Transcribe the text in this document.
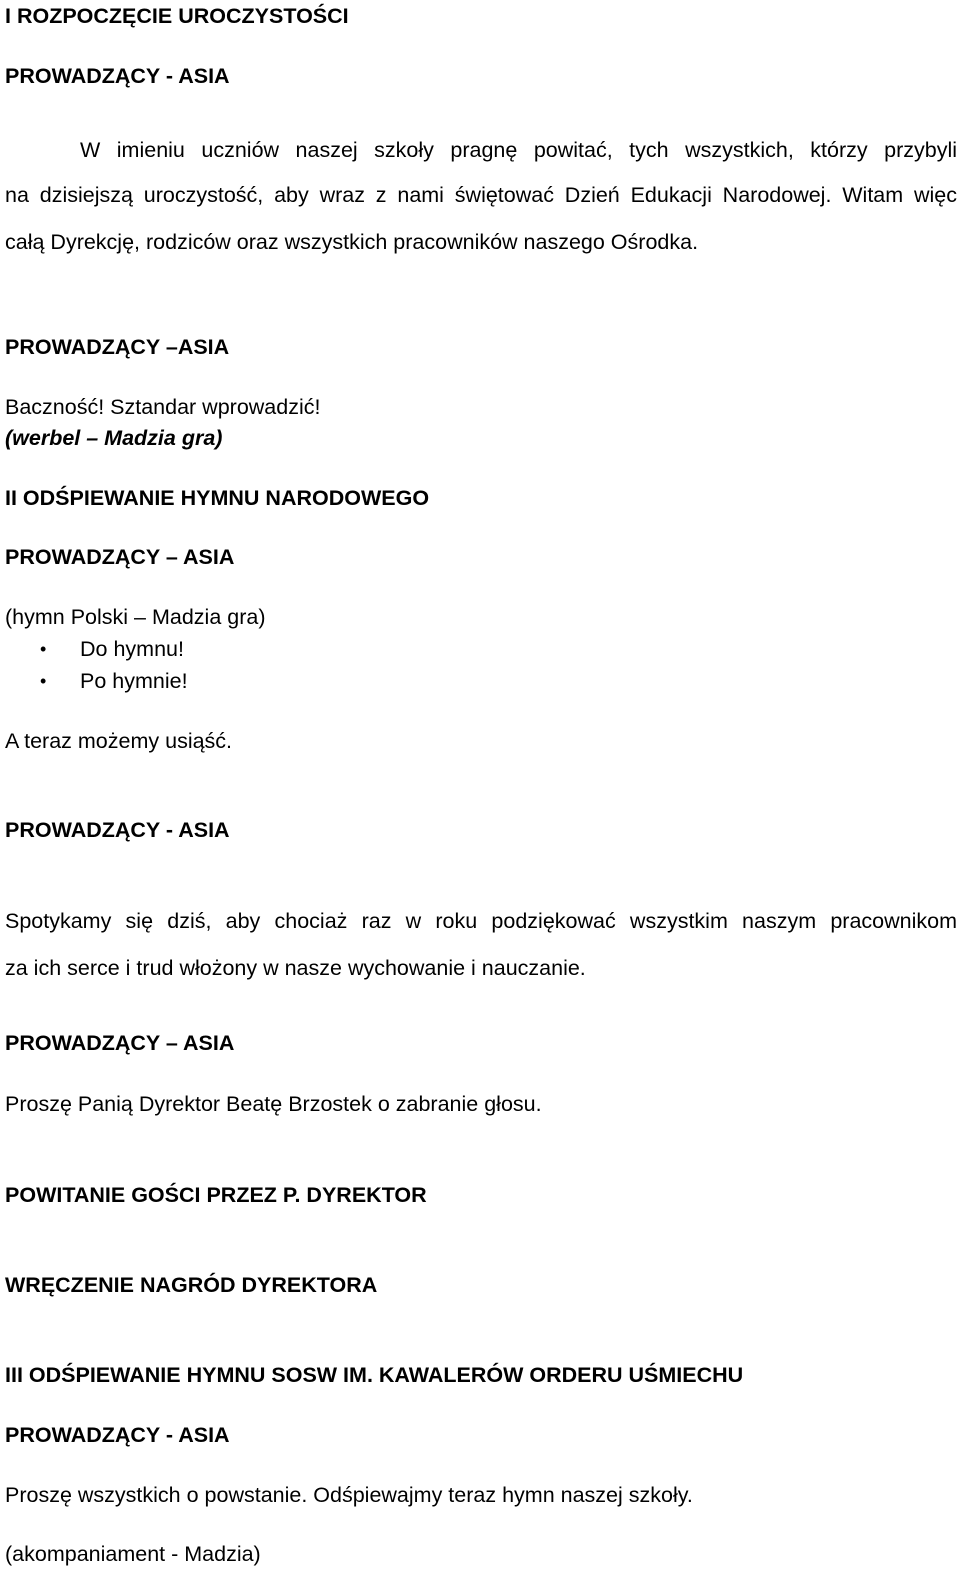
I ROZPOCZĘCIE UROCZYSTOŚCI

PROWADZĄCY - ASIA

W imieniu uczniów naszej szkoły pragnę powitać, tych wszystkich, którzy przybyli
na dzisiejszą uroczystość, aby wraz z nami świętować Dzień Edukacji Narodowej. Witam więc

całą Dyrekcję, rodziców oraz wszystkich pracowników naszego Ośrodka.

PROWADZĄCY –ASIA

Baczność! Sztandar wprowadzić!

(werbel – Madzia gra)

II ODŚPIEWANIE HYMNU NARODOWEGO

PROWADZĄCY – ASIA

(hymn Polski – Madzia gra)

• Do hymnu!

• Po hymnie!

A teraz możemy usiąść.

PROWADZĄCY - ASIA

Spotykamy się dziś, aby chociaż raz w roku podziękować wszystkim naszym pracownikom

za ich serce i trud włożony w nasze wychowanie i nauczanie.

PROWADZĄCY – ASIA

Proszę Panią Dyrektor Beatę Brzostek o zabranie głosu.

POWITANIE GOŚCI PRZEZ P. DYREKTOR

WRĘCZENIE NAGRÓD DYREKTORA

III ODŚPIEWANIE HYMNU SOSW IM. KAWALERÓW ORDERU UŚMIECHU

PROWADZĄCY - ASIA

Proszę wszystkich o powstanie. Odśpiewajmy teraz hymn naszej szkoły.

(akompaniament - Madzia)
